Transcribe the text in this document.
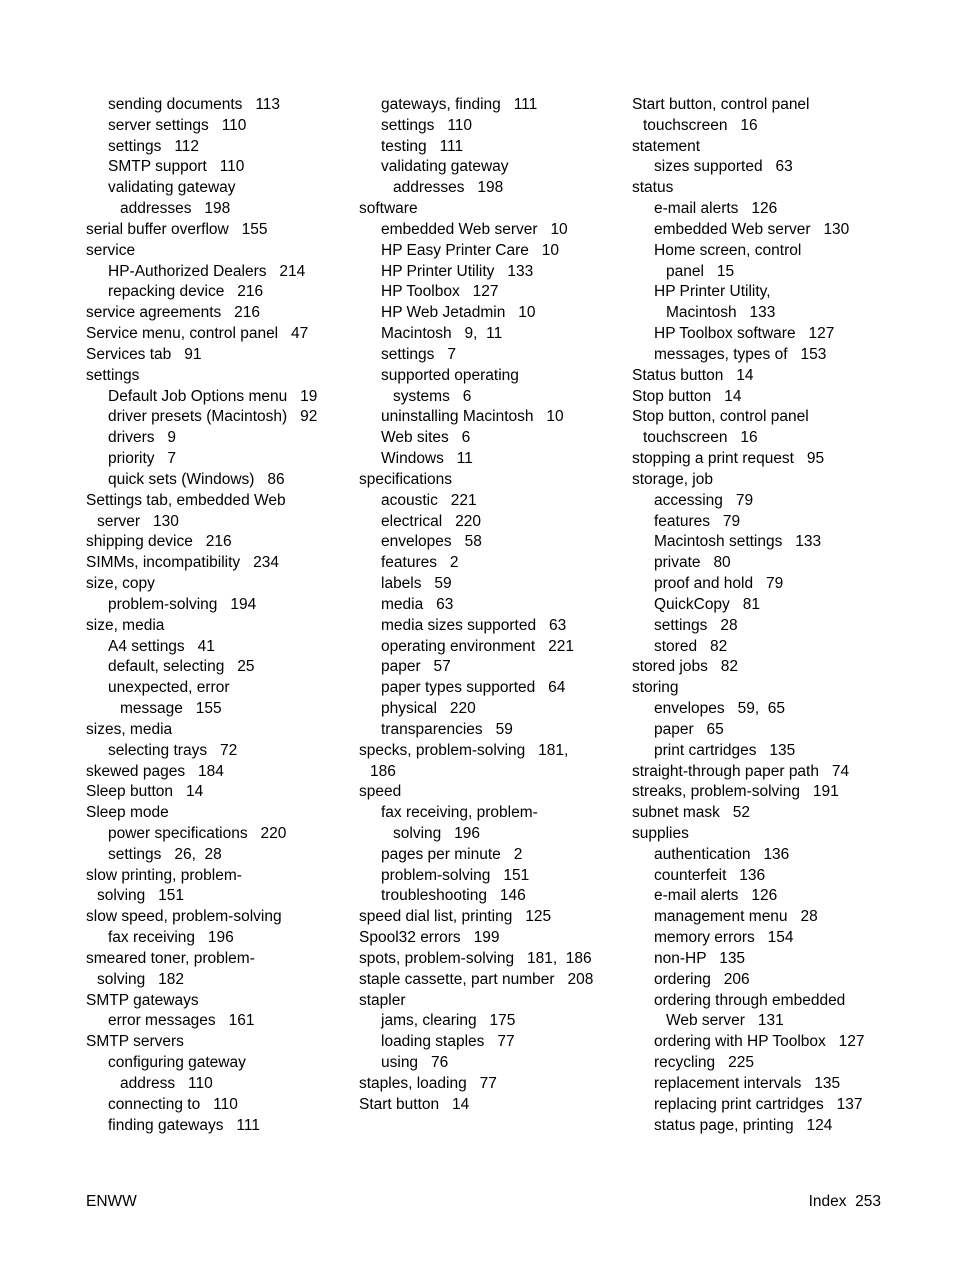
sending documents   113
server settings   110
settings   112
SMTP support   110
validating gateway
addresses   198
serial buffer overflow   155
service
HP-Authorized Dealers   214
repacking device   216
service agreements   216
Service menu, control panel   47
Services tab   91
settings
Default Job Options menu   19
driver presets (Macintosh)   92
drivers   9
priority   7
quick sets (Windows)   86
Settings tab, embedded Web
server   130
shipping device   216
SIMMs, incompatibility   234
size, copy
problem-solving   194
size, media
A4 settings   41
default, selecting   25
unexpected, error
message   155
sizes, media
selecting trays   72
skewed pages   184
Sleep button   14
Sleep mode
power specifications   220
settings   26,  28
slow printing, problem-
solving   151
slow speed, problem-solving
fax receiving   196
smeared toner, problem-
solving   182
SMTP gateways
error messages   161
SMTP servers
configuring gateway
address   110
connecting to   110
finding gateways   111
gateways, finding   111
settings   110
testing   111
validating gateway
addresses   198
software
embedded Web server   10
HP Easy Printer Care   10
HP Printer Utility   133
HP Toolbox   127
HP Web Jetadmin   10
Macintosh   9,  11
settings   7
supported operating
systems   6
uninstalling Macintosh   10
Web sites   6
Windows   11
specifications
acoustic   221
electrical   220
envelopes   58
features   2
labels   59
media   63
media sizes supported   63
operating environment   221
paper   57
paper types supported   64
physical   220
transparencies   59
specks, problem-solving   181,
186
speed
fax receiving, problem-
solving   196
pages per minute   2
problem-solving   151
troubleshooting   146
speed dial list, printing   125
Spool32 errors   199
spots, problem-solving   181,  186
staple cassette, part number   208
stapler
jams, clearing   175
loading staples   77
using   76
staples, loading   77
Start button   14
Start button, control panel
touchscreen   16
statement
sizes supported   63
status
e-mail alerts   126
embedded Web server   130
Home screen, control
panel   15
HP Printer Utility,
Macintosh   133
HP Toolbox software   127
messages, types of   153
Status button   14
Stop button   14
Stop button, control panel
touchscreen   16
stopping a print request   95
storage, job
accessing   79
features   79
Macintosh settings   133
private   80
proof and hold   79
QuickCopy   81
settings   28
stored   82
stored jobs   82
storing
envelopes   59,  65
paper   65
print cartridges   135
straight-through paper path   74
streaks, problem-solving   191
subnet mask   52
supplies
authentication   136
counterfeit   136
e-mail alerts   126
management menu   28
memory errors   154
non-HP   135
ordering   206
ordering through embedded
Web server   131
ordering with HP Toolbox   127
recycling   225
replacement intervals   135
replacing print cartridges   137
status page, printing   124
ENWW	Index  253
